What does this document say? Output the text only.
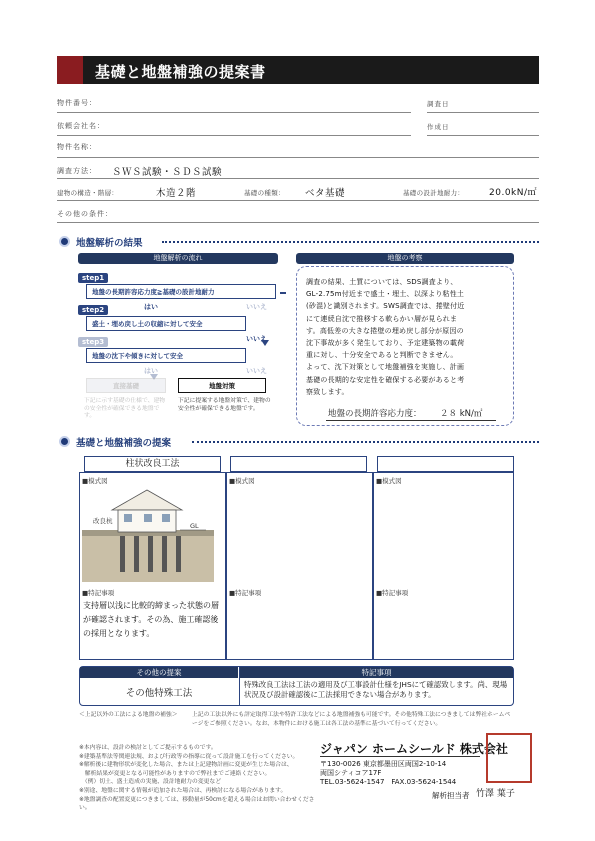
基礎と地盤補強の提案書
物件番号：	調査日
依頼会社名：	作成日
物件名称：
調査方法： ＳＷＳ試験・ＳＤＳ試験
建物の構造・階層：	木造２階	基礎の種類： ベタ基礎	基礎の設計地耐力：	20.0kN/㎡
その他の条件：
地盤解析の結果
地盤解析の流れ
step1
地盤の長期許容応力度≧基礎の設計地耐力
はい	いいえ
step2
盛土・埋め戻し土の収縮に対して安全
いいえ
step3
地盤の沈下や傾きに対して安全
はい	いいえ
直接基礎	地盤対策
下記に示す基礎の仕様で、建物の安全性が確保できる地盤です。
下記に提案する地盤対策で、建物の安全性が確保できる地盤です。
地盤の考察
調査の結果、土質については、SDS調査より、
GL-2.75m付近まで盛土・埋土、以深より粘性土
(砂混)と識別されます。SWS調査では、捲壁付近
にて連続自沈で推移する軟らかい層が見られま
す。高低差の大きな捲壁の埋め戻し部分が原因の
沈下事故が多く発生しており、予定建築物の載荷
重に対し、十分安全であると判断できません。
よって、沈下対策として地盤補強を実施し、計画
基礎の長期的な安定性を確保する必要があると考
察致します。
地盤の長期許容応力度： ２８ kN/㎡
基礎と地盤補強の提案
柱状改良工法
■模式図
改良杭
GL
■特記事項
支持層以浅に比較的締まった状態の層が確認されます。その為、施工確認後の採用となります。
■模式図
■特記事項
■模式図
■特記事項
その他の提案	特記事項
その他特殊工法
特殊改良工法は工法の適用及び工事設計仕様をJHSにて確認致します。尚、現場状況及び設計確認後に工法採用できない場合があります。
＜上記以外の工法による地盤の補強＞	上記の工法以外にも評定取得工法や特許工法などによる地盤補強も可能です。その他特殊工法につきましては弊社ホームページをご参照ください。なお、本物件における施工は各工法の基準に基づいて行ってください。
※本内容は、設計の検討としてご提示するものです。
※建築基準法等関連法規、および行政等の指導に従って設計施工を行ってください。
※解析後に建物形状が変化した場合、または上記建物計画に変更が生じた場合は、
　解析結果が変更となる可能性がありますので弊社までご連絡ください。
　（例）切土、盛土造成の実施、設計地耐力の変更など
※別途、地盤に関する情報が追加された場合は、再検討になる場合があります。
※地盤調査の配置変更につきましては、移動量が50cmを超える場合はお問い合わせください。
ジャパン ホームシールド 株式会社
〒130-0026 東京都墨田区両国2-10-14
両国シティコア17F
TEL.03-5624-1547　FAX.03-5624-1544
解析担当者 竹澤 葉子
